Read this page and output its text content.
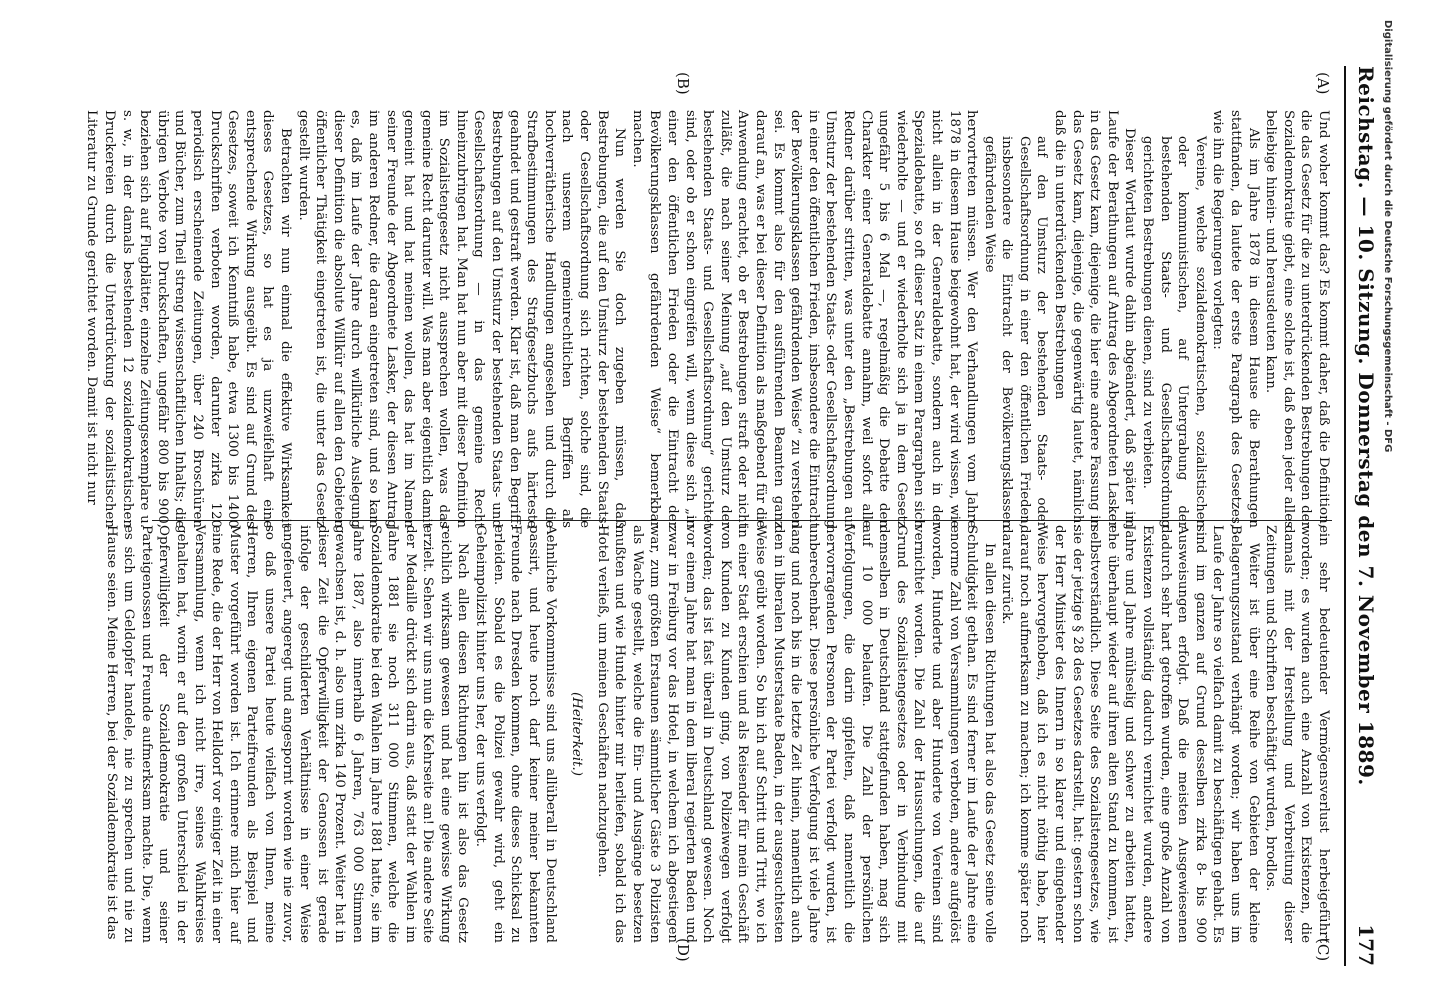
Reichstag. — 10. Sitzung. Donnerstag den 7. November 1889.
177
(A)
(B)
(C)
(D)

Und woher kommt das? Es kommt daher, daß die Definition, die das Gesetz für die zu unterdrückenden Bestrebungen der Sozialdemokratie giebt, eine solche ist, daß eben jeder alles beliebige hinein- und herausdeuten kann.

Als im Jahre 1878 in diesem Hause die Berathungen stattfanden, da lautete der erste Paragraph des Gesetzes, wie ihn die Regierungen vorlegten:

Vereine, welche sozialdemokratischen, sozialistischen oder kommunistischen, auf Untergrabung der bestehenden Staats- und Gesellschaftsordnung gerichteten Bestrebungen dienen, sind zu verbieten.

Dieser Wortlaut wurde dahin abgeändert, daß später im Laufe der Berathungen auf Antrag des Abgeordneten Lasker in das Gesetz kam, diejenige, die hier eine andere Fassung in das Gesetz kam, diejenige, die gegenwärtig lautet, nämlich: daß die in unterdrückenden Bestrebungen

auf den Umsturz der bestehenden Staats- oder Gesellschaftsordnung in einer den öffentlichen Frieden, insbesondere die Eintracht der Bevölkerungsklassen gefährdenden Weise

hervortreten müssen. Wer den Verhandlungen vom Jahre 1878 in diesem Hause beigewohnt hat, der wird wissen, wie nicht allein in der Generaldebatte, sondern auch in der Spezialdebatte, so oft dieser Satz in einem Paragraphen sich wiederholte — und er wiederholte sich ja in dem Gesetz ungefähr 5 bis 6 Mal —, regelmäßig die Debatte den Charakter einer Generaldebatte annahm, weil sofort alle Redner darüber stritten, was unter den „Bestrebungen auf Umsturz der bestehenden Staats- oder Gesellschaftsordnung in einer den öffentlichen Frieden, insbesondere die Eintracht der Bevölkerungsklassen gefährdenden Weise“ zu verstehen sei. Es kommt also für den ausführenden Beamten ganz darauf an, was er bei dieser Definition als maßgebend für die Anwendung erachtet, ob er Bestrebungen straft oder nicht zuläßt, die nach seiner Meinung „auf den Umsturz der bestehenden Staats- und Gesellschaftsordnung“ gerichtet sind, oder ob er schon eingreifen will, wenn diese sich „in einer den öffentlichen Frieden oder die Eintracht der Bevölkerungsklassen gefährdenden Weise“ bemerkbar machen.

Nun werden Sie doch zugeben müssen, daß Bestrebungen, die auf den Umsturz der bestehenden Staats- oder Gesellschaftsordnung sich richten, solche sind, die nach unserem gemeinrechtlichen Begriffen als hochverrätherische Handlungen angesehen und durch die Strafbestimmungen des Strafgesetzbuchs aufs härteste geahndet und gestraft werden. Klar ist, daß man den Begriff: Bestrebungen auf den Umsturz der bestehenden Staats- und Gesellschaftsordnung — in das gemeine Recht hineinzubringen hat. Man hat nun aber mit dieser Definition im Sozialistengesetz nicht aussprechen wollen, was das gemeine Recht darunter will. Was man aber eigentlich damit gemeint hat und hat meinen wollen, das hat im Namen seiner Freunde der Abgeordnete Lasker, der diesen Antrag im anderen Redner, die daran eingetreten sind, und so kam es, daß im Laufe der Jahre durch willkürliche Auslegung dieser Definition die absolute Willkür auf allen den Gebieten öffentlicher Thätigkeit eingetreten ist, die unter das Gesetz gestellt wurden.

Betrachten wir nun einmal die effektive Wirksamkeit dieses Gesetzes, so hat es ja unzweifelhaft eine entsprechende Wirkung ausgeübt. Es sind auf Grund des Gesetzes, soweit ich Kenntniß habe, etwa 1300 bis 1400 Druckschriften verboten worden, darunter zirka 120 periodisch erscheinende Zeitungen, über 240 Broschüren und Bücher, zum Theil streng wissenschaftlichen Inhalts; die übrigen Verbote von Druckschaften, ungefähr 800 bis 900, beziehen sich auf Flugblätter, einzelne Zeitungsexemplare u. s. w., in der damals bestehenden 12 sozialdemokratischen Druckereien durch die Unterdrückung der sozialistischen Literatur zu Grunde gerichtet worden. Damit ist nicht nur

ein sehr bedeutender Vermögensverlust herbeigeführt worden; es wurden auch eine Anzahl von Existenzen, die damals mit der Herstellung und Verbreitung dieser Zeitungen und Schriften beschäftigt wurden, brodlos.

Weiter ist über eine Reihe von Gebieten der kleine Belagerungszustand verhängt worden; wir haben uns im Laufe der Jahre so vielfach damit zu beschäftigen gehabt. Es sind im ganzen auf Grund desselben zirka 8- bis 900 Ausweisungen erfolgt. Daß die meisten Ausgewiesenen dadurch sehr hart getroffen wurden, eine große Anzahl von Existenzen vollständig dadurch vernichtet wurden, andere Jahre und Jahre mühselig und schwer zu arbeiten hatten, ehe überhaupt wieder auf ihren alten Stand zu kommen, ist selbstverständlich. Diese Seite des Sozialistengesetzes, wie sie der jetzige § 28 des Gesetzes darstellt, hat: gestern schon der Herr Minister des Innern in so klarer und eingehender Weise hervorgehoben, daß ich es nicht nöthig habe, hier darauf noch aufmerksam zu machen; ich komme später noch darauf zurück.

In allen diesen Richtungen hat also das Gesetz seine volle Schuldigkeit gethan. Es sind ferner im Laufe der Jahre eine enorme Zahl von Versammlungen verboten, andere aufgelöst worden, Hunderte und aber Hunderte von Vereinen sind vernichtet worden. Die Zahl der Haussuchungen, die auf Grund des Sozialistengesetzes oder in Verbindung mit demselben in Deutschland stattgefunden haben, mag sich auf 10 000 belaufen. Die Zahl der persönlichen Verfolgungen, die darin gipfelten, daß namentlich die hervorragenden Personen der Partei verfolgt wurden, ist unberechenbar. Diese persönliche Verfolgung ist viele Jahre lang und noch bis in die letzte Zeit hinein, namentlich auch den in liberalen Musterstaate Baden, in der ausgesuchtesten Weise geübt worden. So bin ich auf Schritt und Tritt, wo ich in einer Stadt erschien und als Reisender für mein Geschäft von Kunden zu Kunden ging, von Polizeiwegen verfolgt worden; das ist fast überall in Deutschland gewesen. Noch vor einem Jahre hat man in dem liberal regierten Baden und zwar in Freiburg vor das Hotel, in welchem ich abgestiegen war, zum größten Erstaunen sämmtlicher Gäste 3 Polizisten als Wache gestellt, welche die Ein- und Ausgänge besetzen mußten und wie Hunde hinter mir herliefen, sobald ich das Hotel verließ, um meinen Geschäften nachzugehen.

(Heiterkeit.)

Aehnliche Vorkommnisse sind uns allüberall in Deutschland passirt, und heute noch darf keiner meiner bekannten Freunde nach Dresden kommen, ohne dieses Schicksal zu erleiden. Sobald es die Polizei gewahr wird, geht ein Geheimpolizist hinter uns her, der uns verfolgt.

Nach allen diesen Richtungen hin ist also das Gesetz reichlich wirksam gewesen und hat eine gewisse Wirkung erzielt. Sehen wir uns nun die Kehrseite an! Die andere Seite der Medaille drückt sich darin aus, daß statt der Wahlen im Jahre 1881 sie noch 311 000 Stimmen, welche die Sozialdemokratie bei den Wahlen im Jahre 1881 hatte, sie im Jahre 1887, also innerhalb 6 Jahren, 763 000 Stimmen gewachsen ist, d. h. also um zirka 140 Prozent. Weiter hat in dieser Zeit die Opferwilligkeit der Genossen ist gerade infolge der geschilderten Verhältnisse in einer Weise angefeuert, angeregt und angespornt worden wie nie zuvor, so daß unsere Partei heute vielfach von Ihnen, meine Herren, Ihren eigenen Parteifreunden als Beispiel und Muster vorgeführt worden ist. Ich erinnere mich hier auf eine Rede, die der Herr von Helldorf vor einiger Zeit in einer Versammlung, wenn ich nicht irre, seines Wahlkreises gehalten hat, worin er auf den großen Unterschied in der Opferwilligkeit der Sozialdemokratie und seiner Parteigenossen und Freunde aufmerksam machte. Die, wenn es sich um Geldopfer handele, nie zu sprechen und nie zu Hause seien. Meine Herren, bei der Sozialdemokratie ist das

Digitalisierung gefördert durch die Deutsche Forschungsgemeinschaft - DFG
